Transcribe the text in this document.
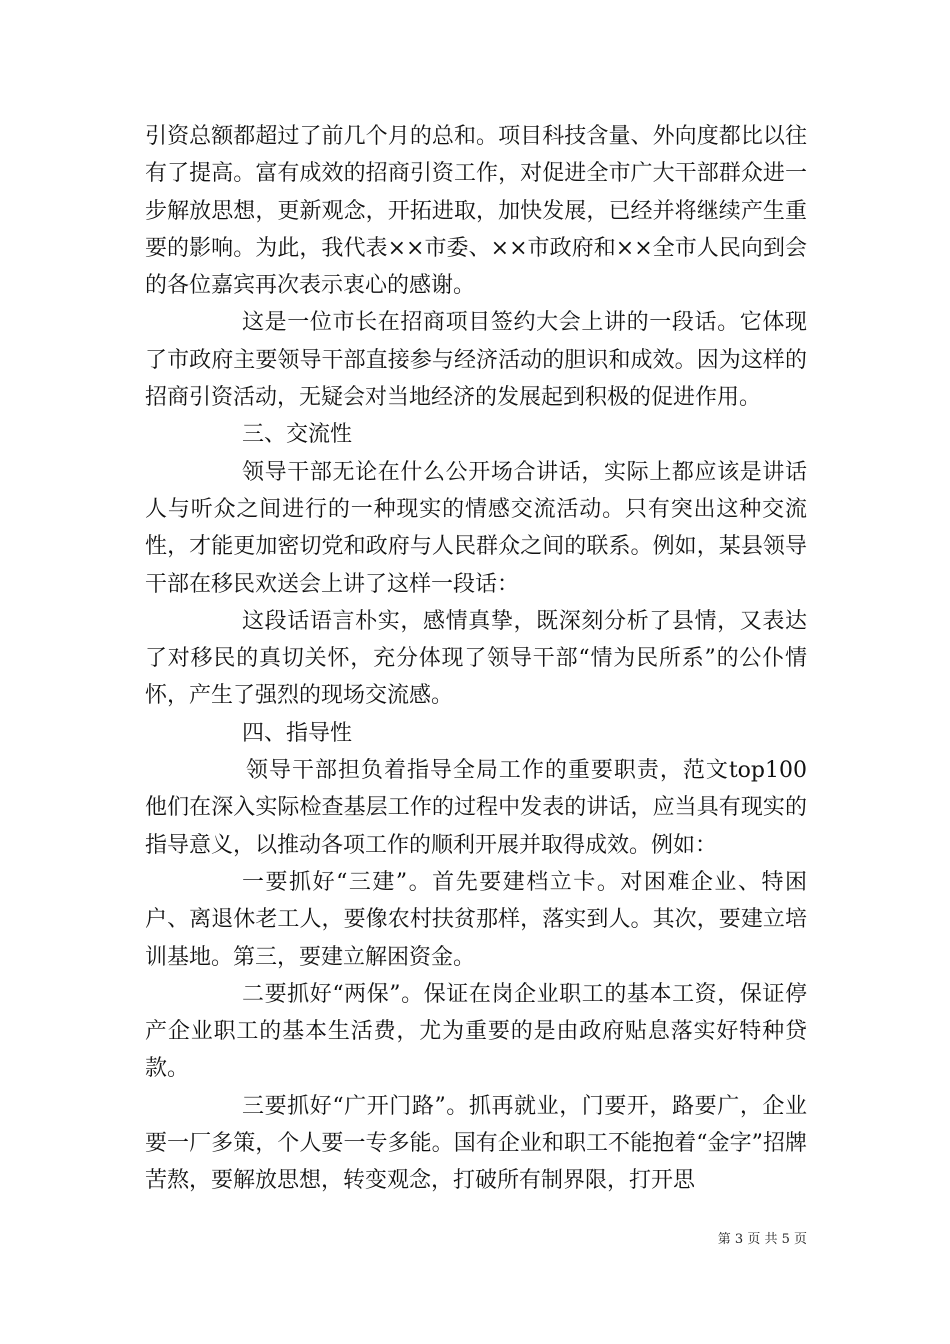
引资总额都超过了前几个月的总和。项目科技含量、外向度都比以往有了提高。富有成效的招商引资工作，对促进全市广大干部群众进一步解放思想，更新观念，开拓进取，加快发展，已经并将继续产生重要的影响。为此，我代表××市委、××市政府和××全市人民向到会的各位嘉宾再次表示衷心的感谢。

这是一位市长在招商项目签约大会上讲的一段话。它体现了市政府主要领导干部直接参与经济活动的胆识和成效。因为这样的招商引资活动，无疑会对当地经济的发展起到积极的促进作用。

三、交流性

领导干部无论在什么公开场合讲话，实际上都应该是讲话人与听众之间进行的一种现实的情感交流活动。只有突出这种交流性，才能更加密切党和政府与人民群众之间的联系。例如，某县领导干部在移民欢送会上讲了这样一段话：

这段话语言朴实，感情真挚，既深刻分析了县情，又表达了对移民的真切关怀，充分体现了领导干部“情为民所系”的公仆情怀，产生了强烈的现场交流感。

四、指导性

领导干部担负着指导全局工作的重要职责，范文top100他们在深入实际检查基层工作的过程中发表的讲话，应当具有现实的指导意义，以推动各项工作的顺利开展并取得成效。例如：

一要抓好“三建”。首先要建档立卡。对困难企业、特困户、离退休老工人，要像农村扶贫那样，落实到人。其次，要建立培训基地。第三，要建立解困资金。

二要抓好“两保”。保证在岗企业职工的基本工资，保证停产企业职工的基本生活费，尤为重要的是由政府贴息落实好特种贷款。

三要抓好“广开门路”。抓再就业，门要开，路要广，企业要一厂多策，个人要一专多能。国有企业和职工不能抱着“金字”招牌苦熬，要解放思想，转变观念，打破所有制界限，打开思

第 3 页 共 5 页
